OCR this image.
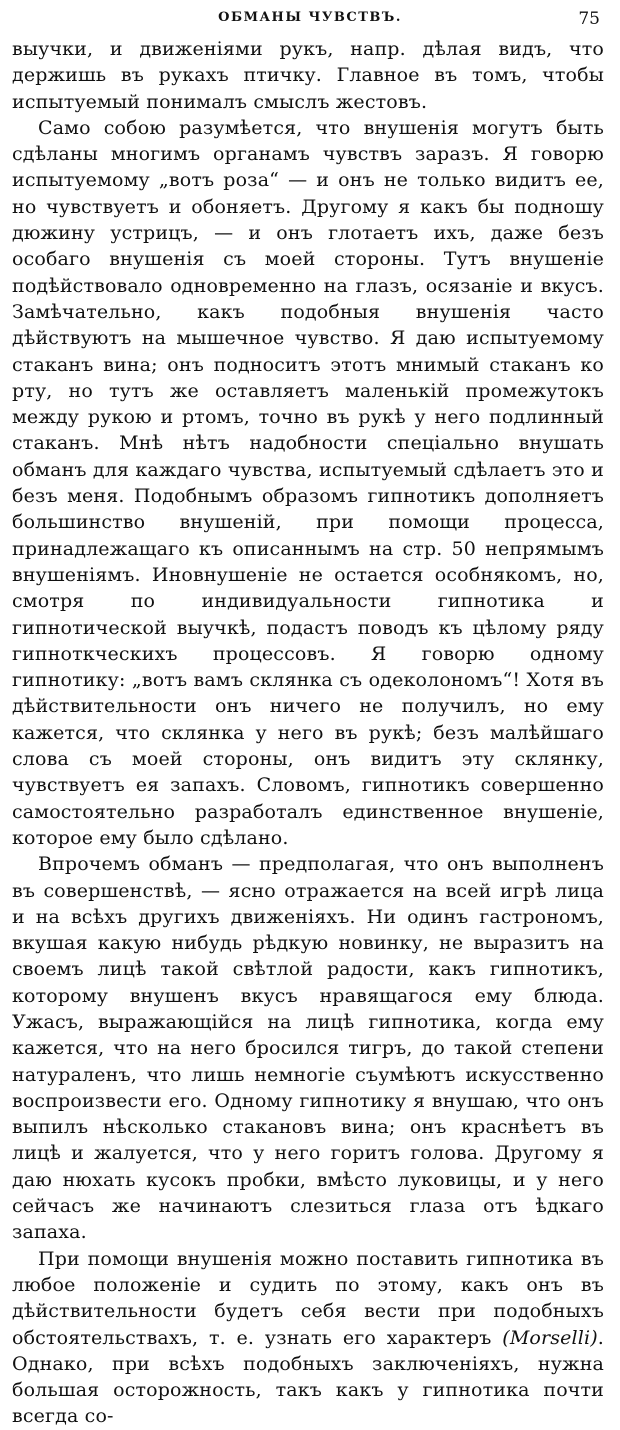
ОБМАНЫ ЧУВСТВЪ.	75

выучки, и движеніями рукъ, напр. дѣлая видъ, что держишь въ рукахъ птичку. Главное въ томъ, чтобы испытуемый понималъ смыслъ жестовъ.

Само собою разумѣется, что внушенія могутъ быть сдѣланы многимъ органамъ чувствъ заразъ. Я говорю испытуемому „вотъ роза“ — и онъ не только видитъ ее, но чувствуетъ и обоняетъ. Другому я какъ бы подношу дюжину устрицъ, — и онъ глотаетъ ихъ, даже безъ особаго внушенія съ моей стороны. Тутъ внушеніе подѣйствовало одновременно на глазъ, осязаніе и вкусъ. Замѣчательно, какъ подобныя внушенія часто дѣйствуютъ на мышечное чувство. Я даю испытуемому стаканъ вина; онъ подноситъ этотъ мнимый стаканъ ко рту, но тутъ же оставляетъ маленькій промежутокъ между рукою и ртомъ, точно въ рукѣ у него подлинный стаканъ. Мнѣ нѣтъ надобности спеціально внушать обманъ для каждаго чувства, испытуемый сдѣлаетъ это и безъ меня. Подобнымъ образомъ гипнотикъ дополняетъ большинство внушеній, при помощи процесса, принадлежащаго къ описаннымъ на стр. 50 непрямымъ внушеніямъ. Иновнушеніе не остается особнякомъ, но, смотря по индивидуальности гипнотика и гипнотической выучкѣ, подастъ поводъ къ цѣлому ряду гипноткческихъ процессовъ. Я говорю одному гипнотику: „вотъ вамъ склянка съ одеколономъ“! Хотя въ дѣйствительности онъ ничего не получилъ, но ему кажется, что склянка у него въ рукѣ; безъ малѣйшаго слова съ моей стороны, онъ видитъ эту склянку, чувствуетъ ея запахъ. Словомъ, гипнотикъ совершенно самостоятельно разработалъ единственное внушеніе, которое ему было сдѣлано.

Впрочемъ обманъ — предполагая, что онъ выполненъ въ совершенствѣ, — ясно отражается на всей игрѣ лица и на всѣхъ другихъ движеніяхъ. Ни одинъ гастрономъ, вкушая какую нибудь рѣдкую новинку, не выразитъ на своемъ лицѣ такой свѣтлой радости, какъ гипнотикъ, которому внушенъ вкусъ нравящагося ему блюда. Ужасъ, выражающійся на лицѣ гипнотика, когда ему кажется, что на него бросился тигръ, до такой степени натураленъ, что лишь немногіе съумѣютъ искусственно воспроизвести его. Одному гипнотику я внушаю, что онъ выпилъ нѣсколько стакановъ вина; онъ краснѣетъ въ лицѣ и жалуется, что у него горитъ голова. Другому я даю нюхать кусокъ пробки, вмѣсто луковицы, и у него сейчасъ же начинаютъ слезиться глаза отъ ѣдкаго запаха.

При помощи внушенія можно поставить гипнотика въ любое положеніе и судить по этому, какъ онъ въ дѣйствительности будетъ себя вести при подобныхъ обстоятельствахъ, т. е. узнать его характеръ (Morselli). Однако, при всѣхъ подобныхъ заключеніяхъ, нужна большая осторожность, такъ какъ у гипнотика почти всегда со-
